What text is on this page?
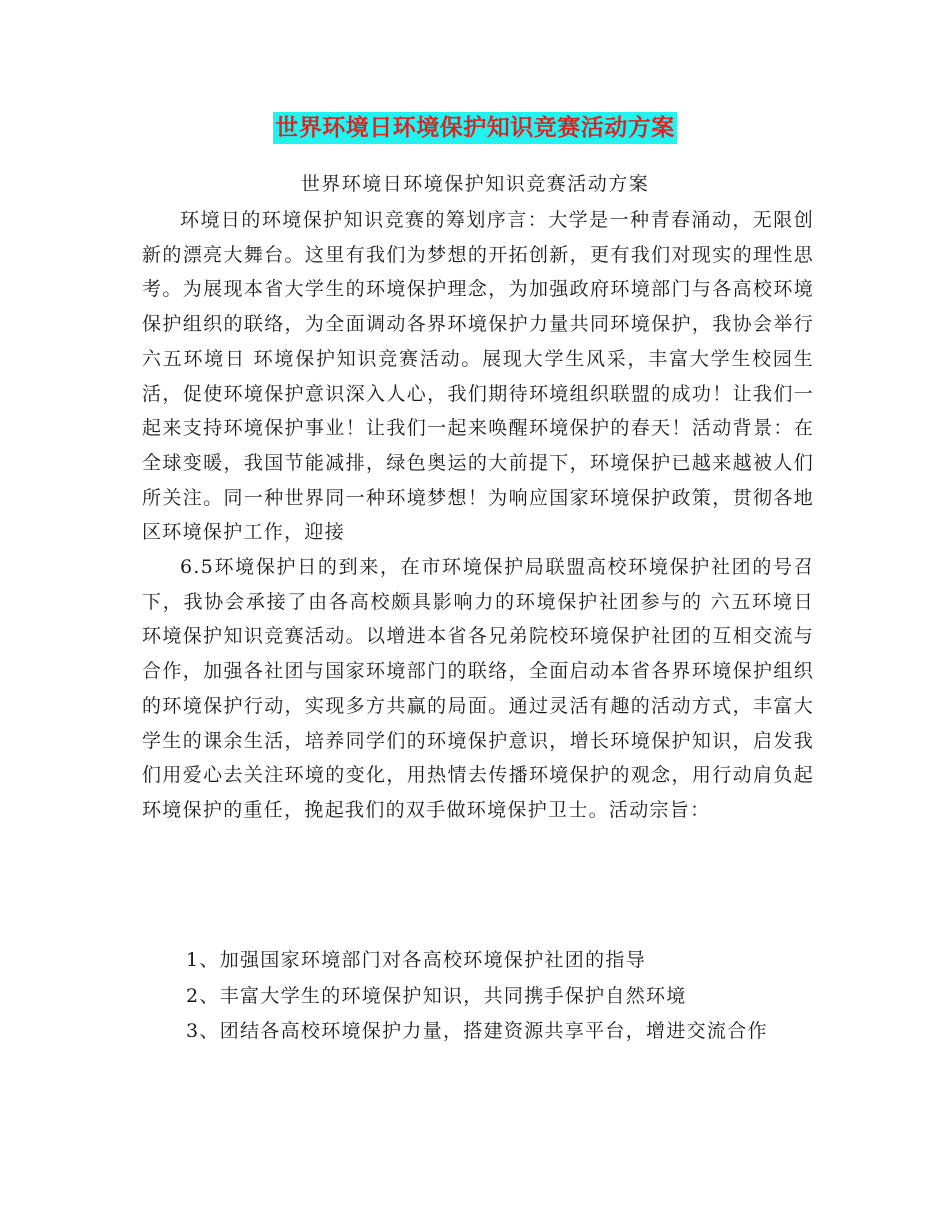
世界环境日环境保护知识竞赛活动方案
世界环境日环境保护知识竞赛活动方案

环境日的环境保护知识竞赛的筹划序言：大学是一种青春涌动，无限创新的漂亮大舞台。这里有我们为梦想的开拓创新，更有我们对现实的理性思考。为展现本省大学生的环境保护理念，为加强政府环境部门与各高校环境保护组织的联络，为全面调动各界环境保护力量共同环境保护，我协会举行 六五环境日 环境保护知识竞赛活动。展现大学生风采，丰富大学生校园生活，促使环境保护意识深入人心，我们期待环境组织联盟的成功！让我们一起来支持环境保护事业！让我们一起来唤醒环境保护的春天！活动背景：在全球变暖，我国节能减排，绿色奥运的大前提下，环境保护已越来越被人们所关注。同一种世界同一种环境梦想！为响应国家环境保护政策，贯彻各地区环境保护工作，迎接

6.5环境保护日的到来，在市环境保护局联盟高校环境保护社团的号召下，我协会承接了由各高校颇具影响力的环境保护社团参与的 六五环境日 环境保护知识竞赛活动。以增进本省各兄弟院校环境保护社团的互相交流与合作，加强各社团与国家环境部门的联络，全面启动本省各界环境保护组织的环境保护行动，实现多方共赢的局面。通过灵活有趣的活动方式，丰富大学生的课余生活，培养同学们的环境保护意识，增长环境保护知识，启发我们用爱心去关注环境的变化，用热情去传播环境保护的观念，用行动肩负起环境保护的重任，挽起我们的双手做环境保护卫士。活动宗旨：

1、加强国家环境部门对各高校环境保护社团的指导

2、丰富大学生的环境保护知识，共同携手保护自然环境

3、团结各高校环境保护力量，搭建资源共享平台，增进交流合作
